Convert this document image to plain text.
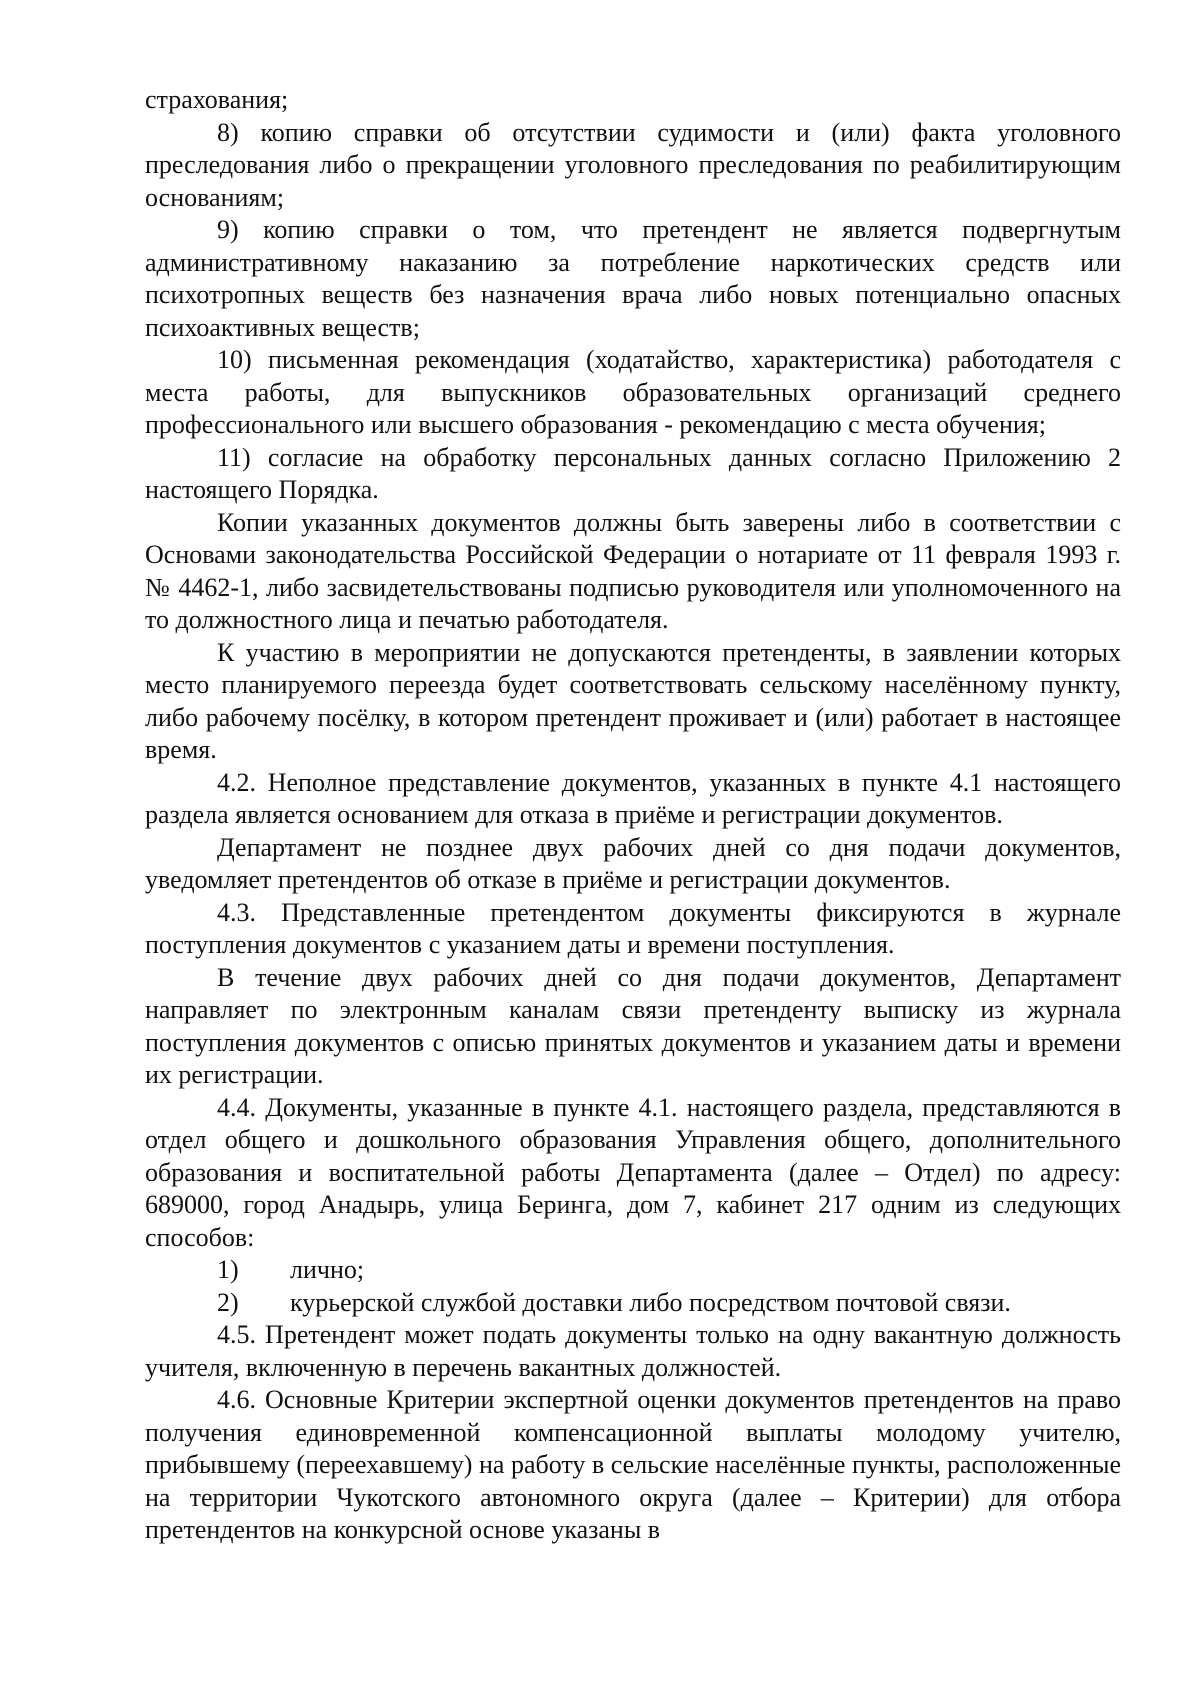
страхования;

8) копию справки об отсутствии судимости и (или) факта уголовного преследования либо о прекращении уголовного преследования по реабилитирующим основаниям;

9) копию справки о том, что претендент не является подвергнутым административному наказанию за потребление наркотических средств или психотропных веществ без назначения врача либо новых потенциально опасных психоактивных веществ;

10) письменная рекомендация (ходатайство, характеристика) работодателя с места работы, для выпускников образовательных организаций среднего профессионального или высшего образования - рекомендацию с места обучения;

11) согласие на обработку персональных данных согласно Приложению 2 настоящего Порядка.

Копии указанных документов должны быть заверены либо в соответствии с Основами законодательства Российской Федерации о нотариате от 11 февраля 1993 г. № 4462-1, либо засвидетельствованы подписью руководителя или уполномоченного на то должностного лица и печатью работодателя.

К участию в мероприятии не допускаются претенденты, в заявлении которых место планируемого переезда будет соответствовать сельскому населённому пункту, либо рабочему посёлку, в котором претендент проживает и (или) работает в настоящее время.

4.2. Неполное представление документов, указанных в пункте 4.1 настоящего раздела является основанием для отказа в приёме и регистрации документов.

Департамент не позднее двух рабочих дней со дня подачи документов, уведомляет претендентов об отказе в приёме и регистрации документов.

4.3. Представленные претендентом документы фиксируются в журнале поступления документов с указанием даты и времени поступления.

В течение двух рабочих дней со дня подачи документов, Департамент направляет по электронным каналам связи претенденту выписку из журнала поступления документов с описью принятых документов и указанием даты и времени их регистрации.

4.4. Документы, указанные в пункте 4.1. настоящего раздела, представляются в отдел общего и дошкольного образования Управления общего, дополнительного образования и воспитательной работы Департамента (далее – Отдел) по адресу: 689000, город Анадырь, улица Беринга, дом 7, кабинет 217 одним из следующих способов:

1) лично;

2) курьерской службой доставки либо посредством почтовой связи.

4.5. Претендент может подать документы только на одну вакантную должность учителя, включенную в перечень вакантных должностей.

4.6. Основные Критерии экспертной оценки документов претендентов на право получения единовременной компенсационной выплаты молодому учителю, прибывшему (переехавшему) на работу в сельские населённые пункты, расположенные на территории Чукотского автономного округа (далее – Критерии) для отбора претендентов на конкурсной основе указаны в
